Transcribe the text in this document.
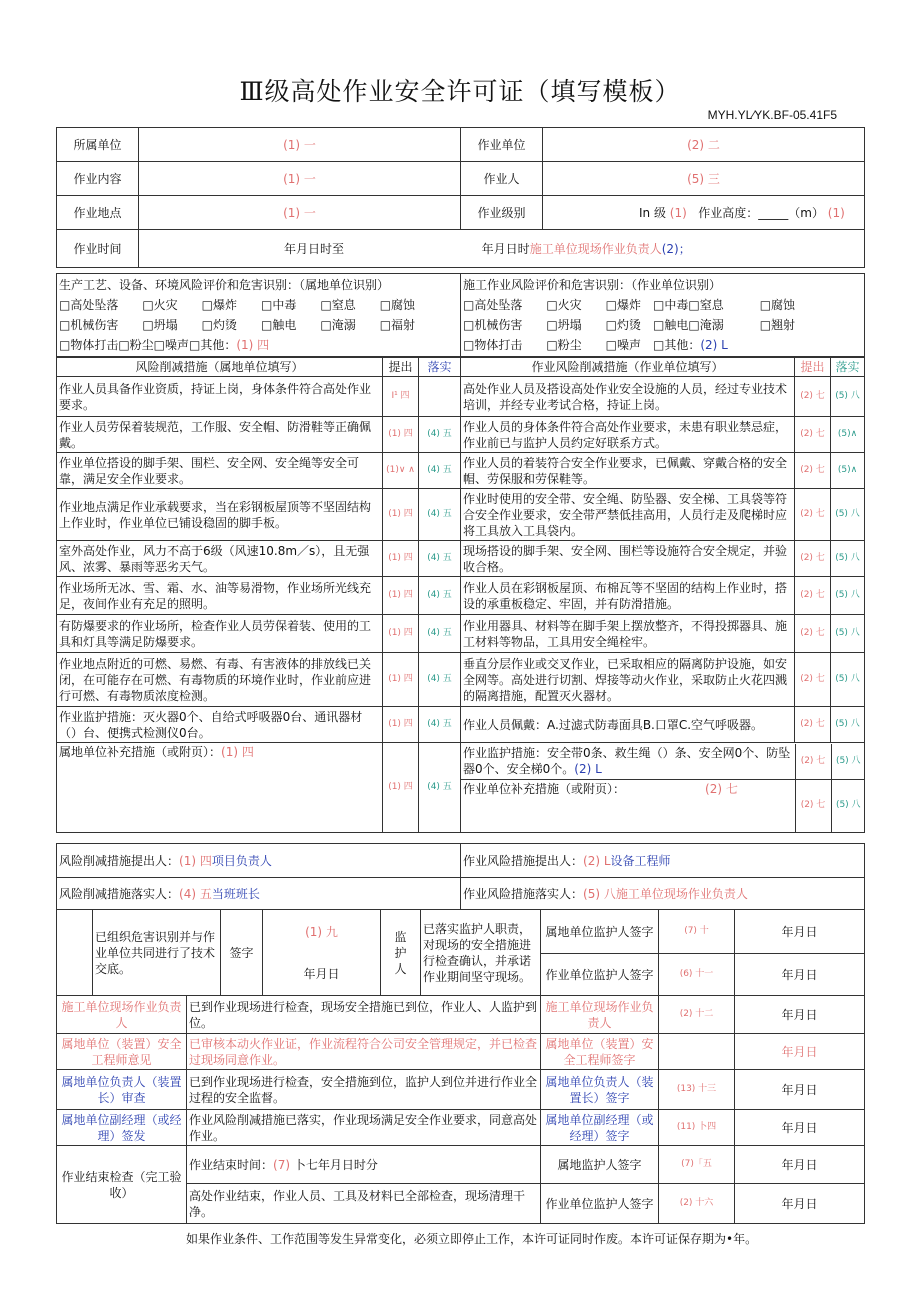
Ⅲ级高处作业安全许可证（填写模板）
MYH.YL∕YK.BF-05.41F5
所属单位	(1) 一	作业单位	(2) 二
作业内容	(1) 一	作业人	(5) 三
作业地点	(1) 一	作业级别	In 级 (1) 作业高度：_____（m） (1)
作业时间	年月日时至 年月日时施工单位现场作业负责人(2)；		
生产工艺、设备、环境风险评价和危害识别：（属地单位识别）
□高处坠落　　□火灾　　□爆炸　　□中毒　　□窒息　　□腐蚀
□机械伤害　　□坍塌　　□灼烫　　□触电　　□淹溺　　□福射
□物体打击□粉尘□噪声□其他：(1) 四

施工作业风险评价和危害识别：（作业单位识别）
□高处坠落　　□火灾　　□爆炸　□中毒□窒息　　　□腐蚀
□机械伤害　　□坍塌　　□灼烫　□触电□淹溺　　　□翘射
□物体打击　　□粉尘　　□噪声　□其他：(2) L
风险削减措施（属地单位填写）	提出	落实	作业风险削减措施（作业单位填写）	提出	落实
作业人员具备作业资质，持证上岗，身体条件符合高处作业要求。	I¹ 四		高处作业人员及搭设高处作业安全设施的人员，经过专业技术培训，并经专业考试合格，持证上岗。	(2) 七	(5) 八
作业人员劳保着装规范，工作服、安全帽、防滑鞋等正确佩戴。	(1) 四	(4) 五	作业人员的身体条件符合高处作业要求，未患有职业禁忌症，作业前已与监护人员约定好联系方式。	(2) 七	(5)∧
作业单位搭设的脚手架、围栏、安全网、安全绳等安全可靠，满足安全作业要求。	(1)∨ ∧	(4) 五	作业人员的着装符合安全作业要求，已佩戴、穿戴合格的安全帽、劳保服和劳保鞋等。	(2) 七	(5)∧
作业地点满足作业承载要求，当在彩钢板屋顶等不坚固结构上作业时，作业单位已铺设稳固的脚手板。	(1) 四	(4) 五	作业时使用的安全带、安全绳、防坠器、安全梯、工具袋等符合安全作业要求，安全带严禁低挂高用，人员行走及爬梯时应将工具放入工具袋内。	(2) 七	(5) 八
室外高处作业，风力不高于6级（风速10.8m／s），且无强风、浓雾、暴雨等恶劣天气。	(1) 四	(4) 五	现场搭设的脚手架、安全网、围栏等设施符合安全规定，并验收合格。	(2) 七	(5) 八
作业场所无冰、雪、霜、水、油等易滑物，作业场所光线充足，夜间作业有充足的照明。	(1) 四	(4) 五	作业人员在彩钢板屋顶、布棉瓦等不坚固的结构上作业时，搭设的承重板稳定、牢固，并有防滑措施。	(2) 七	(5) 八
有防爆要求的作业场所，检查作业人员劳保着装、使用的工具和灯具等满足防爆要求。	(1) 四	(4) 五	作业用器具、材料等在脚手架上摆放整齐，不得投掷器具、施工材料等物品，工具用安全绳栓牢。	(2) 七	(5) 八
作业地点附近的可燃、易燃、有毒、有害液体的排放线已关闭，在可能存在可燃、有毒物质的环境作业时，作业前应进行可燃、有毒物质浓度检测。	(1) 四	(4) 五	垂直分层作业或交叉作业，已采取相应的隔离防护设施，如安全网等。高处进行切割、焊接等动火作业，采取防止火花四溅的隔离措施，配置灭火器材。	(2) 七	(5) 八
作业监护措施：灭火器0个、自给式呼吸器0台、通讯器材（）台、便携式检测仪0台。	(1) 四	(4) 五	作业人员佩戴：A.过滤式防毒面具B.口罩C.空气呼吸器。	(2) 七	(5) 八
属地单位补充措施（或附页）：(1) 四	(1) 四	(4) 五	
作业监护措施：安全带0条、救生绳（）条、安全网0个、防坠器0个、安全梯0个。(2) L	(2) 七	(5) 八
作业单位补充措施（或附页）：	(2) 七	(2) 七	(5) 八
风险削减措施提出人：(1) 四项目负责人	作业风险措施提出人：(2) L设备工程师
风险削减措施落实人：(4) 五当班班长	作业风险措施落实人：(5) 八施工单位现场作业负责人
	已组织危害识别并与作业单位共同进行了技术交底。	签字	(1) 九	监护人	已落实监护人职责，对现场的安全措施进行检查确认，并承诺作业期间坚守现场。	属地单位监护人签字	(7) 十	年月日
			年月日			作业单位监护人签字	(6) 十一	年月日
施工单位现场作业负责人	已到作业现场进行检查，现场安全措施已到位，作业人、人监护到位。	施工单位现场作业负责人	(2) 十二	年月日
属地单位（装置）安全工程师意见	已审核本动火作业证，作业流程符合公司安全管理规定，并已检查过现场同意作业。	属地单位（装置）安全工程师签字		年月日
属地单位负责人（装置长）审查	已到作业现场进行检查，安全措施到位，监护人到位并进行作业全过程的安全监督。	属地单位负责人（装置长）签字	(13) 十三	年月日
属地单位副经理（或经理）签发	作业风险削减措施已落实，作业现场满足安全作业要求，同意高处作业。	属地单位副经理（或经理）签字	(11) 卜四	年月日
作业结束检查（完工验收）	作业结束时间：(7) 卜七年月日时分	属地监护人签字	(7)「五	年月日
	高处作业结束，作业人员、工具及材料已全部检查，现场清理干净。	作业单位监护人签字	(2) 十六	年月日
如果作业条件、工作范围等发生异常变化，必须立即停止工作，本许可证同时作废。本许可证保存期为•年。
